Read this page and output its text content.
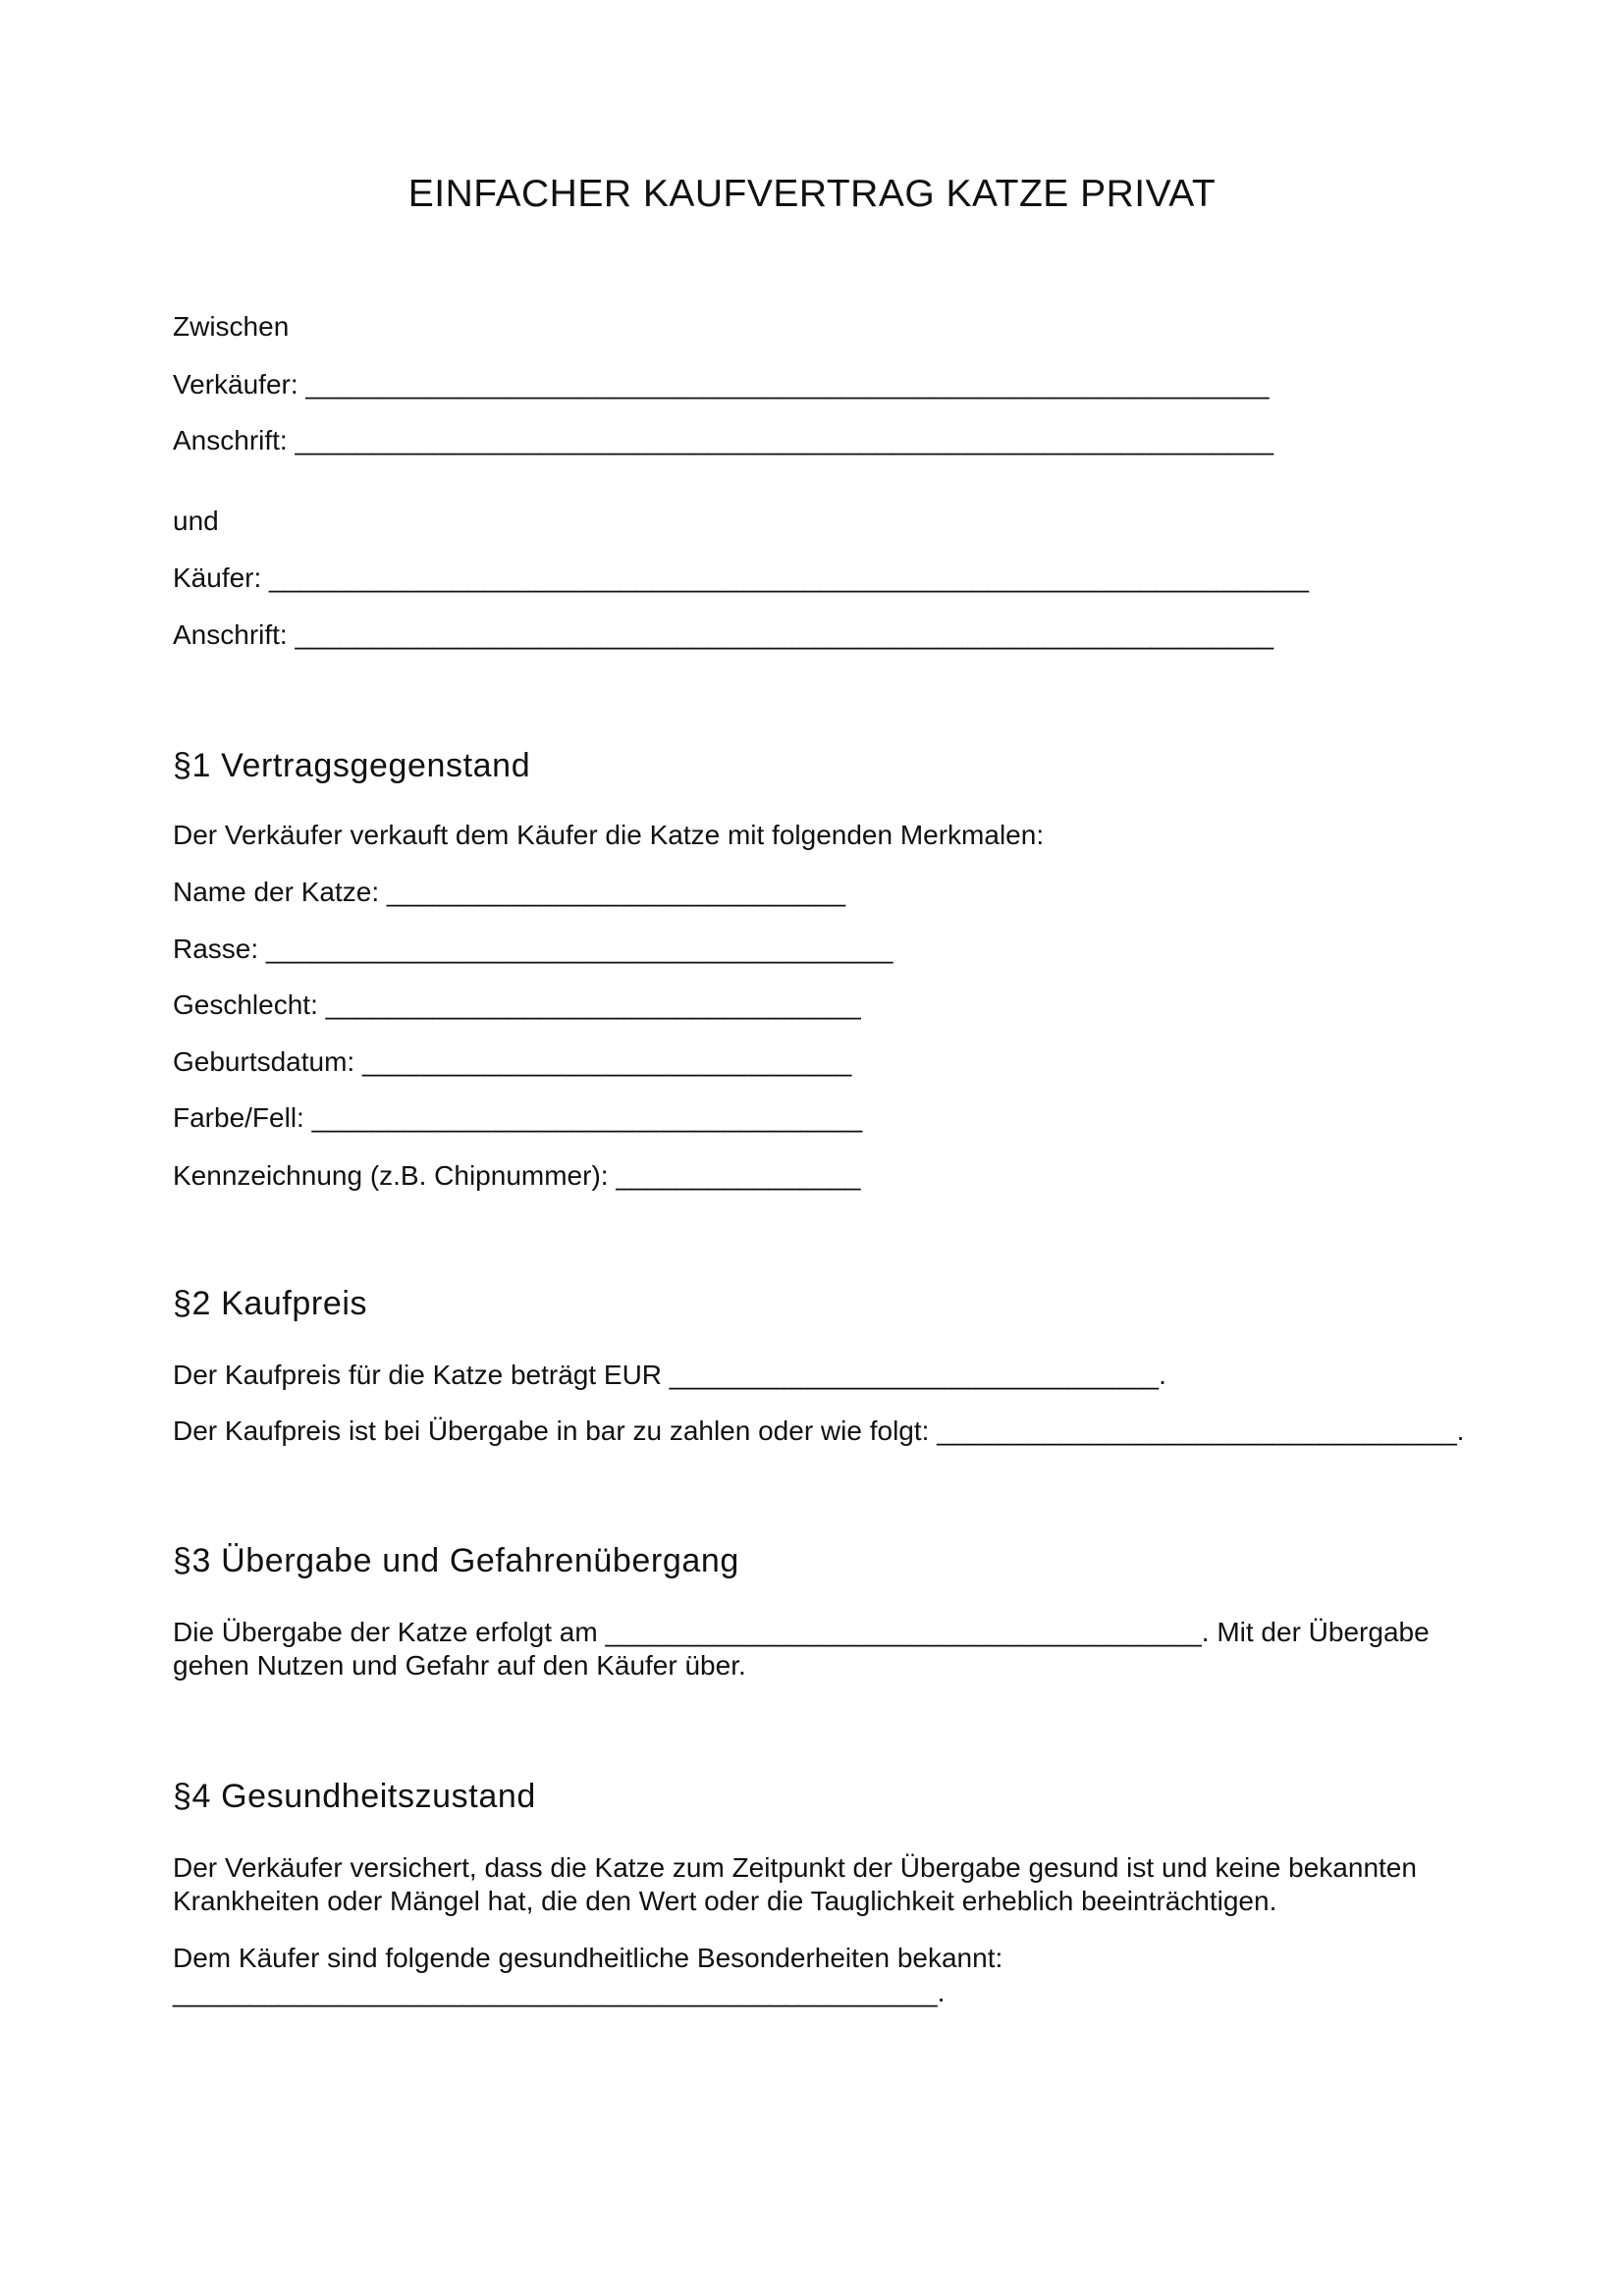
EINFACHER KAUFVERTRAG KATZE PRIVAT
Zwischen
Verkäufer: _______________________________________________________________
Anschrift: ________________________________________________________________
und
Käufer: ____________________________________________________________________
Anschrift: ________________________________________________________________
§1 Vertragsgegenstand
Der Verkäufer verkauft dem Käufer die Katze mit folgenden Merkmalen:
Name der Katze: ______________________________
Rasse: _________________________________________
Geschlecht: ___________________________________
Geburtsdatum: ________________________________
Farbe/Fell: ____________________________________
Kennzeichnung (z.B. Chipnummer): ________________
§2 Kaufpreis
Der Kaufpreis für die Katze beträgt EUR ________________________________.
Der Kaufpreis ist bei Übergabe in bar zu zahlen oder wie folgt: __________________________________.
§3 Übergabe und Gefahrenübergang
Die Übergabe der Katze erfolgt am _______________________________________. Mit der Übergabe
gehen Nutzen und Gefahr auf den Käufer über.
§4 Gesundheitszustand
Der Verkäufer versichert, dass die Katze zum Zeitpunkt der Übergabe gesund ist und keine bekannten
Krankheiten oder Mängel hat, die den Wert oder die Tauglichkeit erheblich beeinträchtigen.
Dem Käufer sind folgende gesundheitliche Besonderheiten bekannt:
__________________________________________________.
